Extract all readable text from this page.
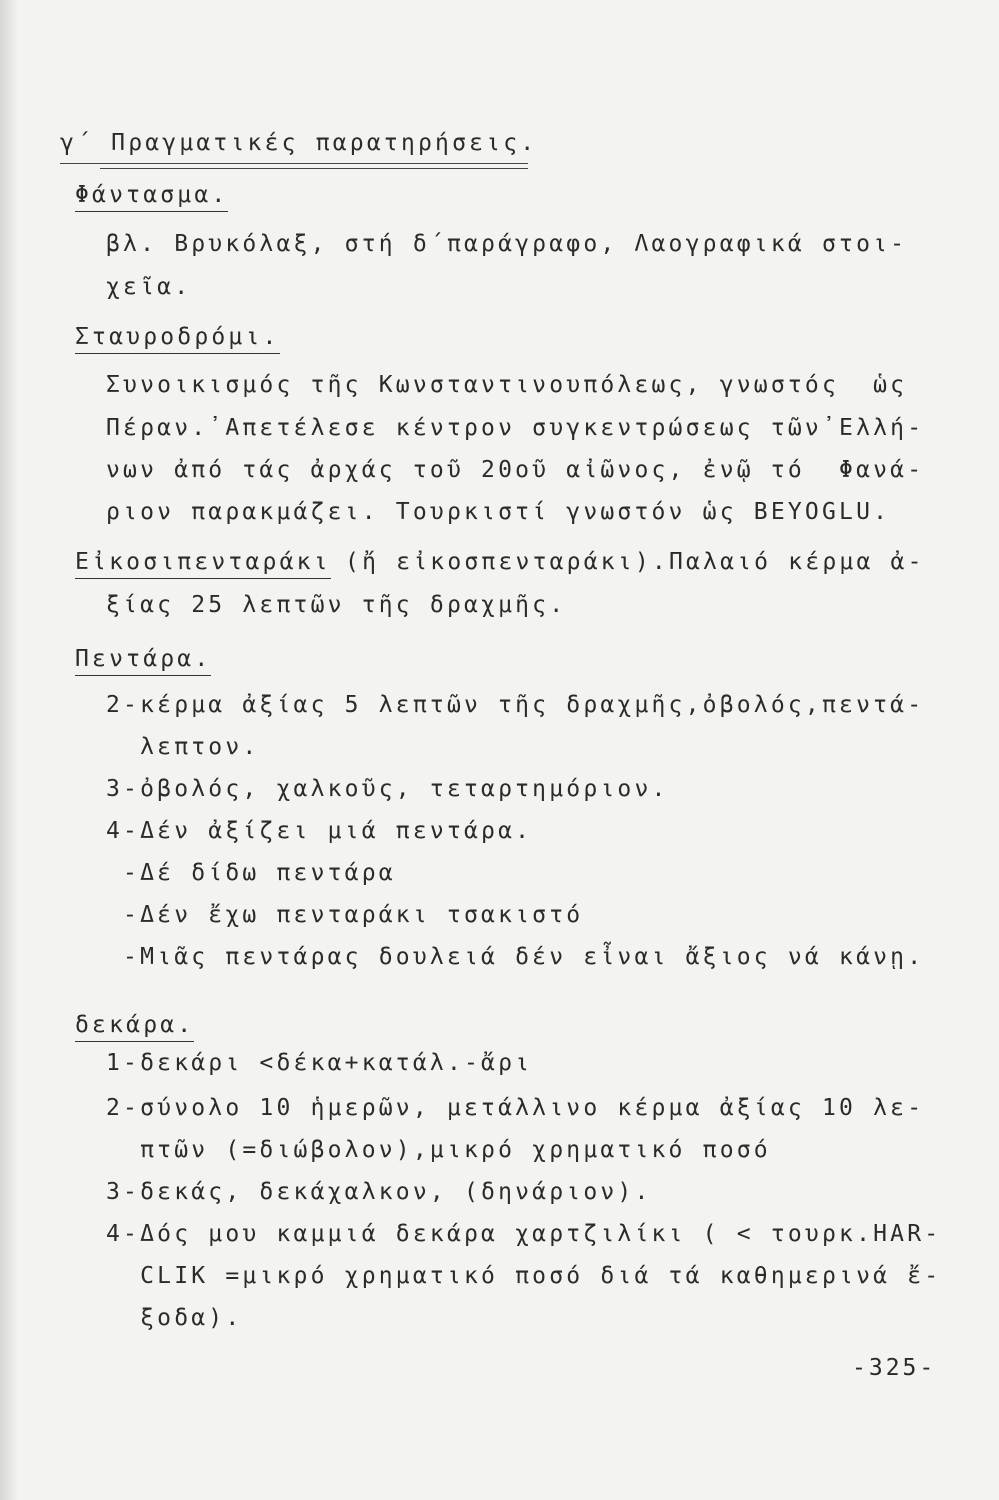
γ΄ Πραγματικές παρατηρήσεις.
Φάντασμα.
βλ. Βρυκόλαξ, στή δ΄παράγραφο, Λαογραφικά στοι-
χεῖα.
Σταυροδρόμι.
Συνοικισμός τῆς Κωνσταντινουπόλεως, γνωστός  ὡς
Πέραν.᾿Απετέλεσε κέντρον συγκεντρώσεως τῶν᾿Ελλή-
νων ἀπό τάς ἀρχάς τοῦ 20οῦ αἰῶνος, ἐνῷ τό  Φανά-
ριον παρακμάζει. Τουρκιστί γνωστόν ὡς BEYOGLU.
Εἰκοσιπενταράκι
(ἤ εἰκοσπενταράκι).Παλαιό κέρμα ἀ-
ξίας 25 λεπτῶν τῆς δραχμῆς.
Πεντάρα.
2-κέρμα ἀξίας 5 λεπτῶν τῆς δραχμῆς,ὀβολός,πεντά-
λεπτον.
3-ὀβολός, χαλκοῦς, τεταρτημόριον.
4-Δέν ἀξίζει μιά πεντάρα.
-Δέ δίδω πεντάρα
-Δέν ἔχω πενταράκι τσακιστό
-Μιᾶς πεντάρας δουλειά δέν εἶναι ἄξιος νά κάνῃ.
δεκάρα.
1-δεκάρι <δέκα+κατάλ.-ἄρι
2-σύνολο 10 ἡμερῶν, μετάλλινο κέρμα ἀξίας 10 λε-
πτῶν (=διώβολον),μικρό χρηματικό ποσό
3-δεκάς, δεκάχαλκον, (δηνάριον).
4-Δός μου καμμιά δεκάρα χαρτζιλίκι ( < τουρκ.HAR-
CLIK =μικρό χρηματικό ποσό διά τά καθημερινά ἔ-
ξοδα).
-325-
